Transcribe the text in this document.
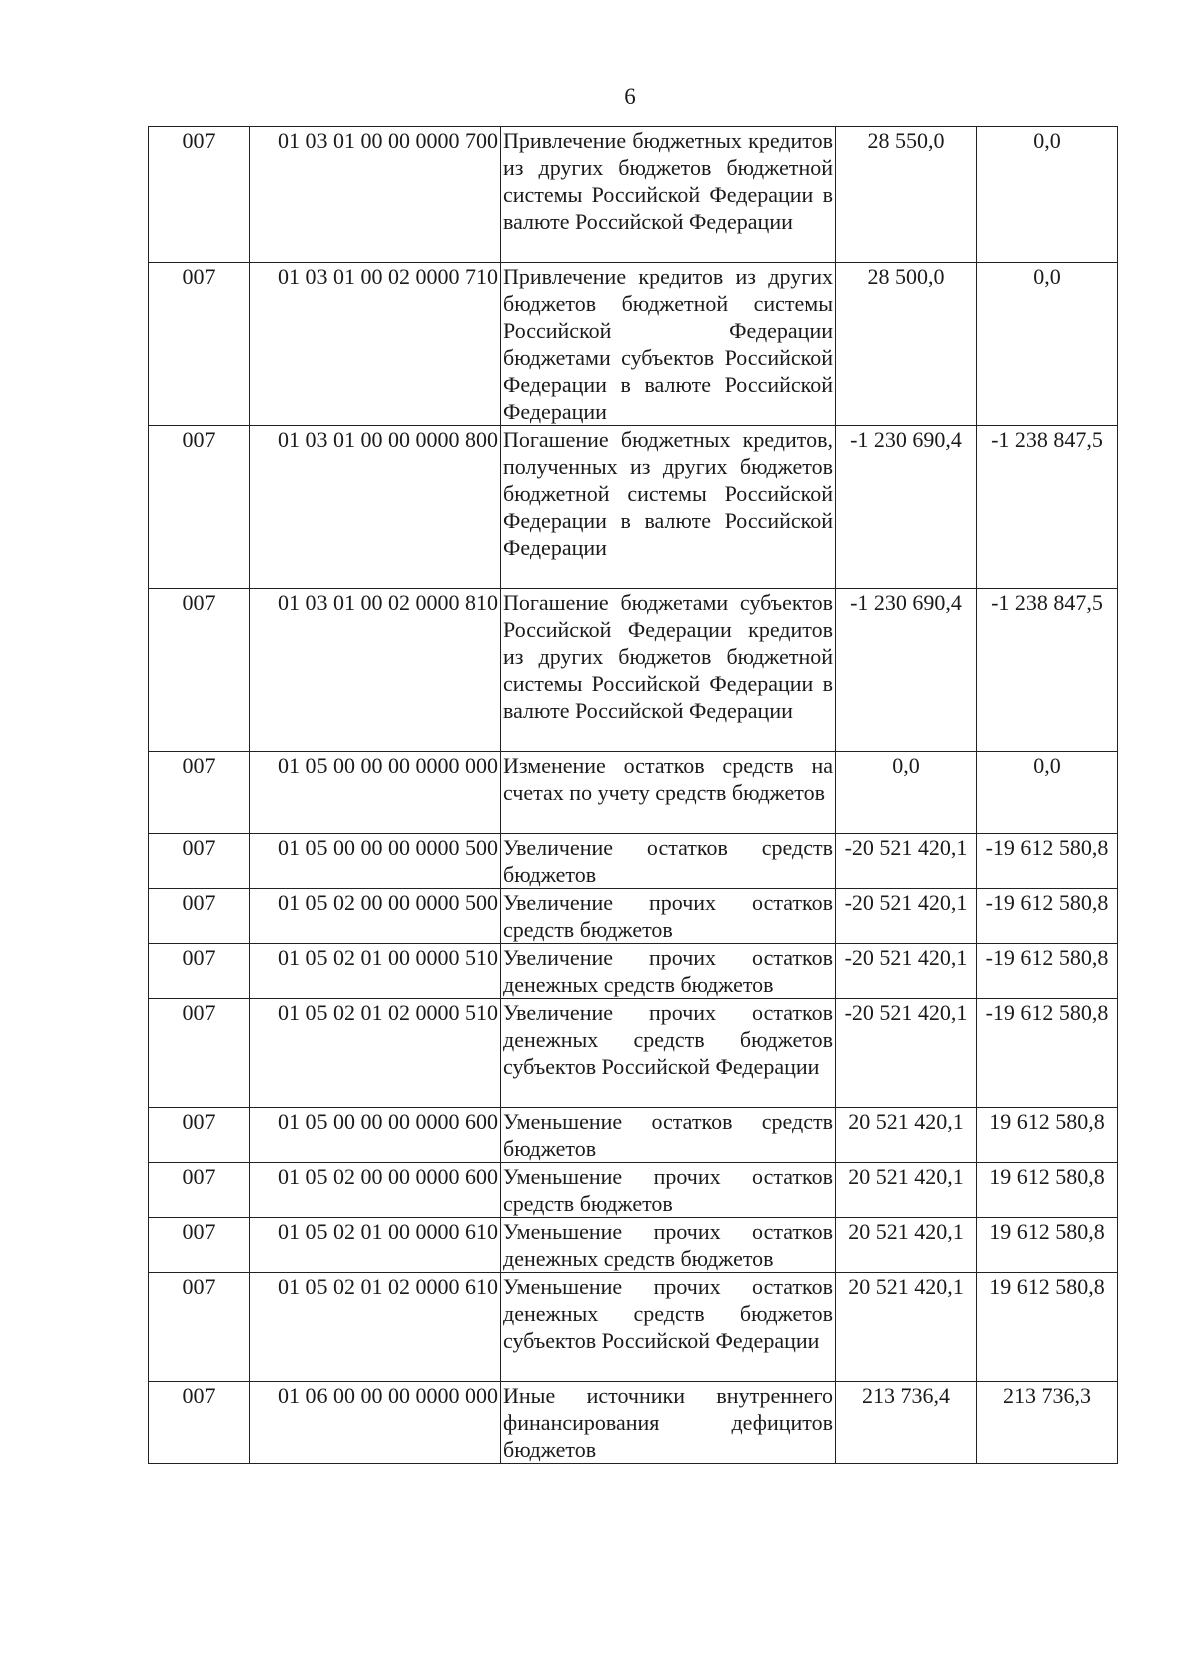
6
007	01 03 01 00 00 0000 700	Привлечение бюджетных кредитов из других бюджетов бюджетной системы Российской Федерации в валюте Российской Федерации	28 550,0	0,0
007	01 03 01 00 02 0000 710	Привлечение кредитов из других бюджетов бюджетной системы Российской Федерации бюджетами субъектов Российской Федерации в валюте Российской Федерации	28 500,0	0,0
007	01 03 01 00 00 0000 800	Погашение бюджетных кредитов, полученных из других бюджетов бюджетной системы Российской Федерации в валюте Российской Федерации	-1 230 690,4	-1 238 847,5
007	01 03 01 00 02 0000 810	Погашение бюджетами субъектов Российской Федерации кредитов из других бюджетов бюджетной системы Российской Федерации в валюте Российской Федерации	-1 230 690,4	-1 238 847,5
007	01 05 00 00 00 0000 000	Изменение остатков средств на счетах по учету средств бюджетов	0,0	0,0
007	01 05 00 00 00 0000 500	Увеличение остатков средств бюджетов	-20 521 420,1	-19 612 580,8
007	01 05 02 00 00 0000 500	Увеличение прочих остатков средств бюджетов	-20 521 420,1	-19 612 580,8
007	01 05 02 01 00 0000 510	Увеличение прочих остатков денежных средств бюджетов	-20 521 420,1	-19 612 580,8
007	01 05 02 01 02 0000 510	Увеличение прочих остатков денежных средств бюджетов субъектов Российской Федерации	-20 521 420,1	-19 612 580,8
007	01 05 00 00 00 0000 600	Уменьшение остатков средств бюджетов	20 521 420,1	19 612 580,8
007	01 05 02 00 00 0000 600	Уменьшение прочих остатков средств бюджетов	20 521 420,1	19 612 580,8
007	01 05 02 01 00 0000 610	Уменьшение прочих остатков денежных средств бюджетов	20 521 420,1	19 612 580,8
007	01 05 02 01 02 0000 610	Уменьшение прочих остатков денежных средств бюджетов субъектов Российской Федерации	20 521 420,1	19 612 580,8
007	01 06 00 00 00 0000 000	Иные источники внутреннего финансирования дефицитов бюджетов	213 736,4	213 736,3
